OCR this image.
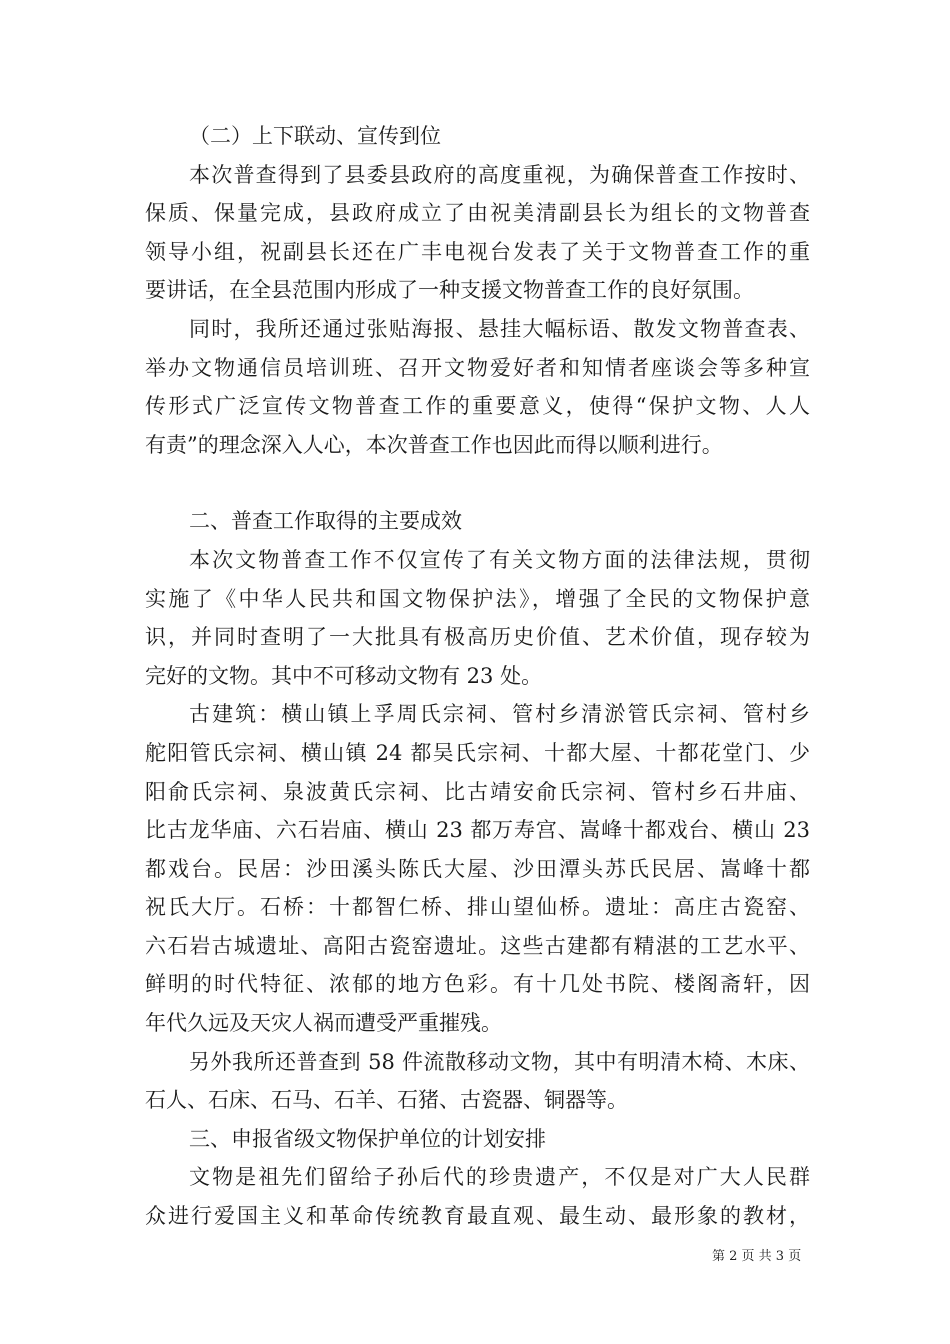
（二）上下联动、宣传到位
本次普查得到了县委县政府的高度重视，为确保普查工作按时、
保质、保量完成，县政府成立了由祝美清副县长为组长的文物普查
领导小组，祝副县长还在广丰电视台发表了关于文物普查工作的重
要讲话，在全县范围内形成了一种支援文物普查工作的良好氛围。
同时，我所还通过张贴海报、悬挂大幅标语、散发文物普查表、
举办文物通信员培训班、召开文物爱好者和知情者座谈会等多种宣
传形式广泛宣传文物普查工作的重要意义，使得“保护文物、人人
有责”的理念深入人心，本次普查工作也因此而得以顺利进行。
二、普查工作取得的主要成效
本次文物普查工作不仅宣传了有关文物方面的法律法规，贯彻
实施了《中华人民共和国文物保护法》，增强了全民的文物保护意
识，并同时查明了一大批具有极高历史价值、艺术价值，现存较为
完好的文物。其中不可移动文物有 23 处。
古建筑：横山镇上孚周氏宗祠、管村乡清淤管氏宗祠、管村乡
舵阳管氏宗祠、横山镇 24 都吴氏宗祠、十都大屋、十都花堂门、少
阳俞氏宗祠、泉波黄氏宗祠、比古靖安俞氏宗祠、管村乡石井庙、
比古龙华庙、六石岩庙、横山 23 都万寿宫、嵩峰十都戏台、横山 23
都戏台。民居：沙田溪头陈氏大屋、沙田潭头苏氏民居、嵩峰十都
祝氏大厅。石桥：十都智仁桥、排山望仙桥。遗址：高庄古瓷窑、
六石岩古城遗址、高阳古瓷窑遗址。这些古建都有精湛的工艺水平、
鲜明的时代特征、浓郁的地方色彩。有十几处书院、楼阁斋轩，因
年代久远及天灾人祸而遭受严重摧残。
另外我所还普查到 58 件流散移动文物，其中有明清木椅、木床、
石人、石床、石马、石羊、石猪、古瓷器、铜器等。
三、申报省级文物保护单位的计划安排
文物是祖先们留给子孙后代的珍贵遗产，不仅是对广大人民群
众进行爱国主义和革命传统教育最直观、最生动、最形象的教材，
第 2 页 共 3 页
